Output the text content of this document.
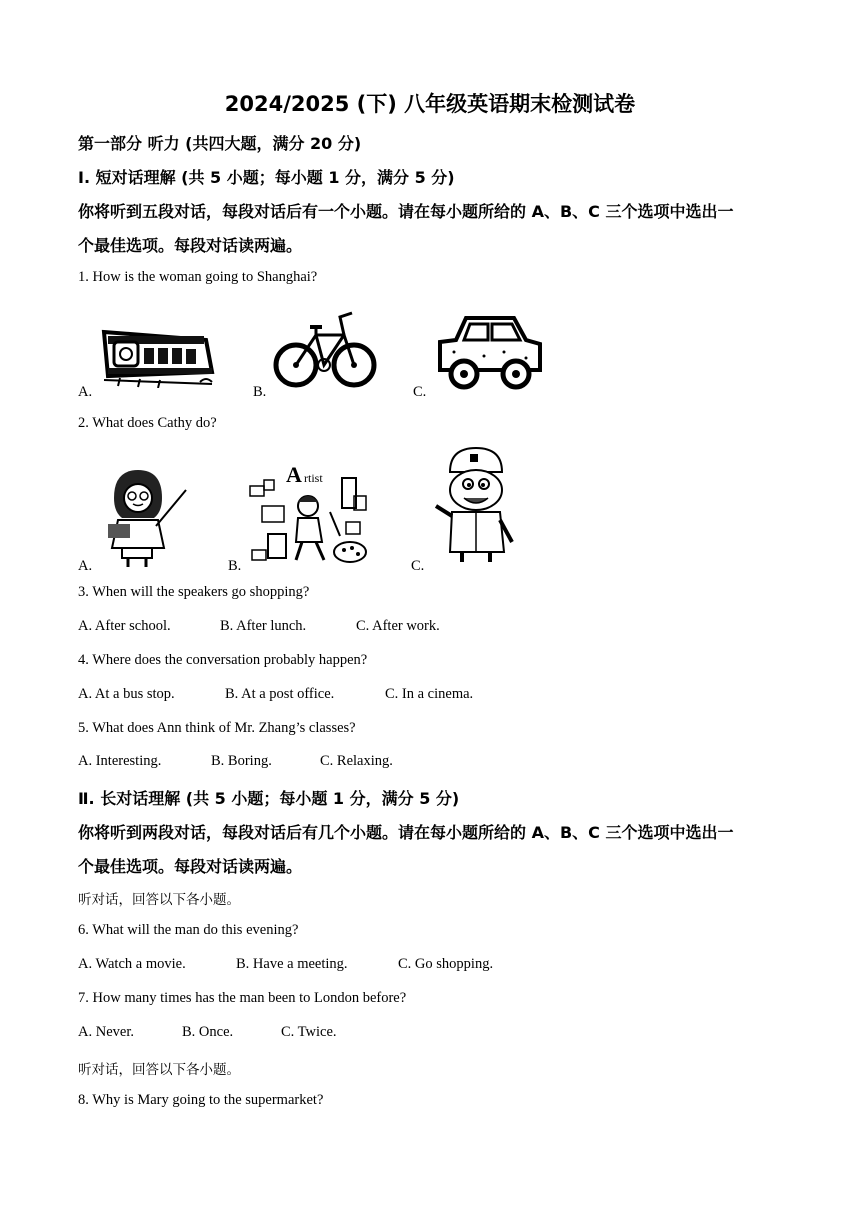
2024/2025 (下) 八年级英语期末检测试卷
第一部分 听力 (共四大题，满分 20 分)
Ⅰ. 短对话理解 (共 5 小题；每小题 1 分，满分 5 分)
你将听到五段对话，每段对话后有一个小题。请在每小题所给的 A、B、C 三个选项中选出一
个最佳选项。每段对话读两遍。
1. How is the woman going to Shanghai?
A.	B.	C.
2. What does Cathy do?
A.
A rtist
B.	C.
3. When will the speakers go shopping?
A. After school.	B. After lunch.	C. After work.
4. Where does the conversation probably happen?
A. At a bus stop.	B. At a post office.	C. In a cinema.
5. What does Ann think of Mr. Zhang’s classes?
A. Interesting.	B. Boring.	C. Relaxing.
Ⅱ. 长对话理解 (共 5 小题；每小题 1 分，满分 5 分)
你将听到两段对话，每段对话后有几个小题。请在每小题所给的 A、B、C 三个选项中选出一
个最佳选项。每段对话读两遍。
听对话，回答以下各小题。
6. What will the man do this evening?
A. Watch a movie.	B. Have a meeting.	C. Go shopping.
7. How many times has the man been to London before?
A. Never.	B. Once.	C. Twice.
听对话，回答以下各小题。
8. Why is Mary going to the supermarket?
